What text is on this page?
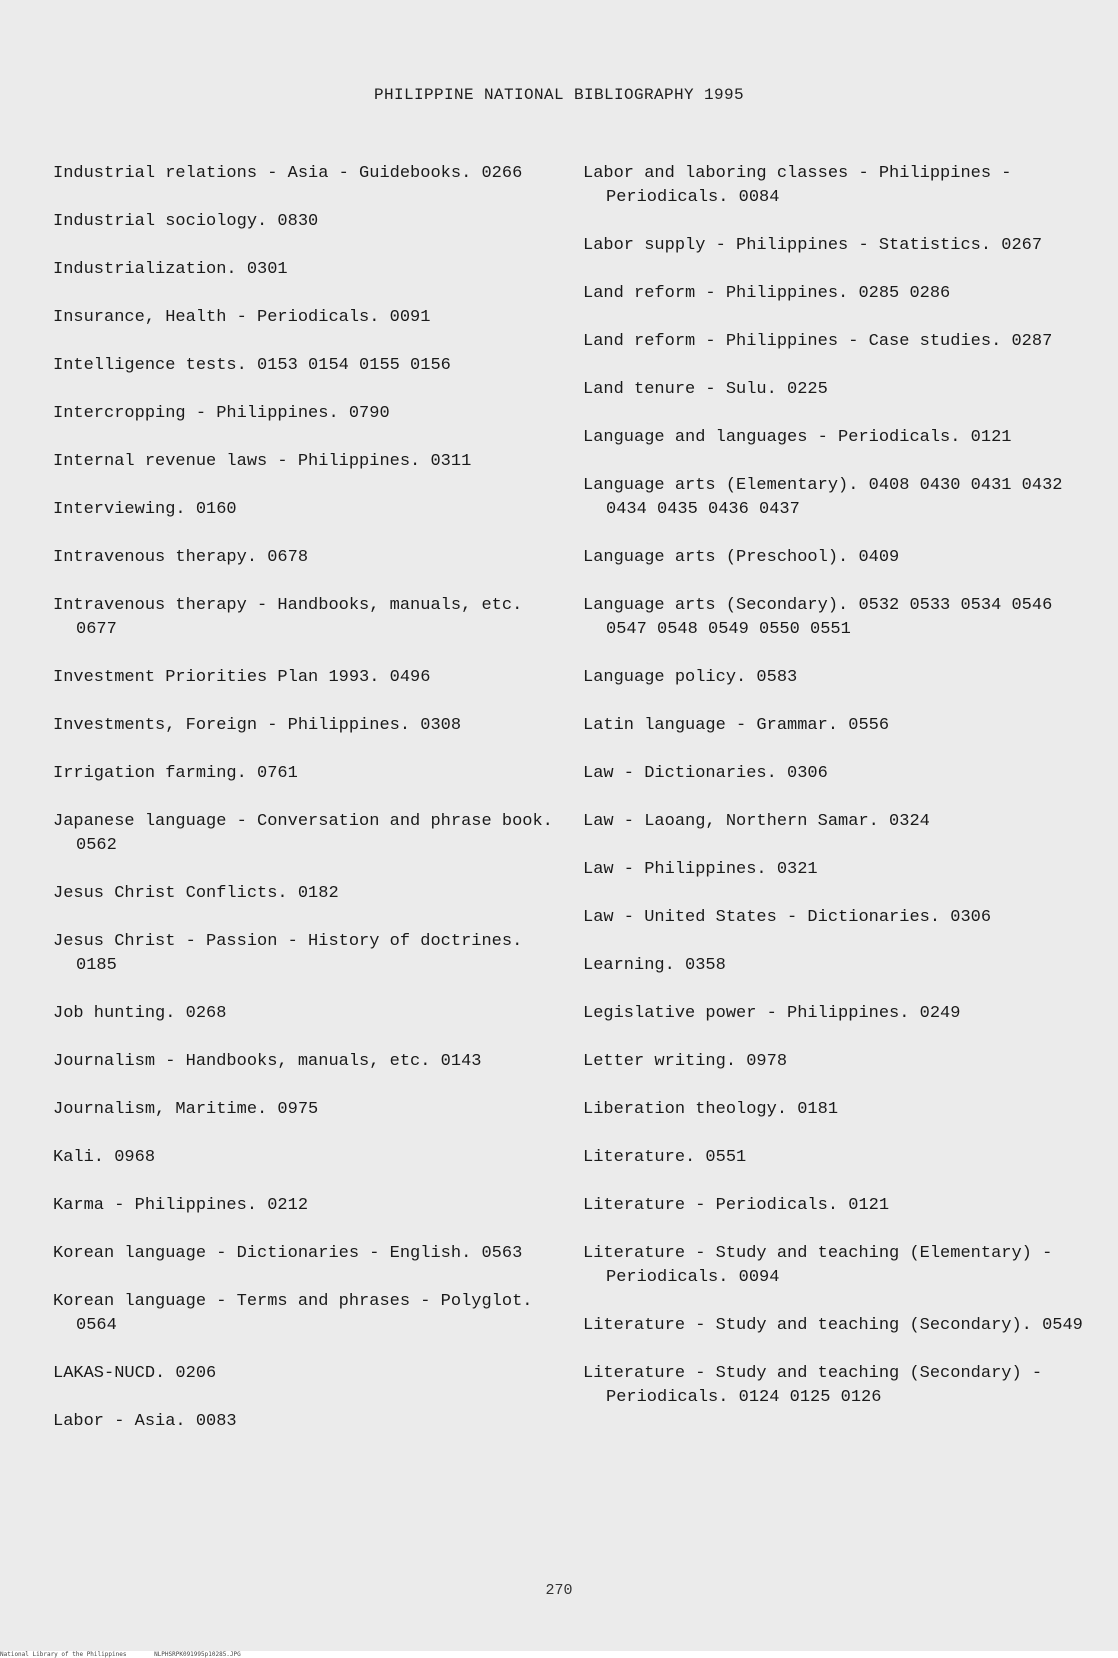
PHILIPPINE NATIONAL BIBLIOGRAPHY 1995
Industrial relations - Asia - Guidebooks. 0266
Industrial sociology. 0830
Industrialization. 0301
Insurance, Health - Periodicals. 0091
Intelligence tests. 0153 0154 0155 0156
Intercropping - Philippines. 0790
Internal revenue laws - Philippines. 0311
Interviewing. 0160
Intravenous therapy. 0678
Intravenous therapy - Handbooks, manuals, etc. 0677
Investment Priorities Plan 1993. 0496
Investments, Foreign - Philippines. 0308
Irrigation farming. 0761
Japanese language - Conversation and phrase book. 0562
Jesus Christ Conflicts. 0182
Jesus Christ - Passion - History of doctrines. 0185
Job hunting. 0268
Journalism - Handbooks, manuals, etc. 0143
Journalism, Maritime. 0975
Kali. 0968
Karma - Philippines. 0212
Korean language - Dictionaries - English. 0563
Korean language - Terms and phrases - Polyglot. 0564
LAKAS-NUCD. 0206
Labor - Asia. 0083
Labor and laboring classes - Philippines - Periodicals. 0084
Labor supply - Philippines - Statistics. 0267
Land reform - Philippines. 0285 0286
Land reform - Philippines - Case studies. 0287
Land tenure - Sulu. 0225
Language and languages - Periodicals. 0121
Language arts (Elementary). 0408 0430 0431 0432 0434 0435 0436 0437
Language arts (Preschool). 0409
Language arts (Secondary). 0532 0533 0534 0546 0547 0548 0549 0550 0551
Language policy. 0583
Latin language - Grammar. 0556
Law - Dictionaries. 0306
Law - Laoang, Northern Samar. 0324
Law - Philippines. 0321
Law - United States - Dictionaries. 0306
Learning. 0358
Legislative power - Philippines. 0249
Letter writing. 0978
Liberation theology. 0181
Literature. 0551
Literature - Periodicals. 0121
Literature - Study and teaching (Elementary) - Periodicals. 0094
Literature - Study and teaching (Secondary). 0549
Literature - Study and teaching (Secondary) - Periodicals. 0124 0125 0126
270
National Library of the Philippines	NLPHSRPK091995p10285.JPG
